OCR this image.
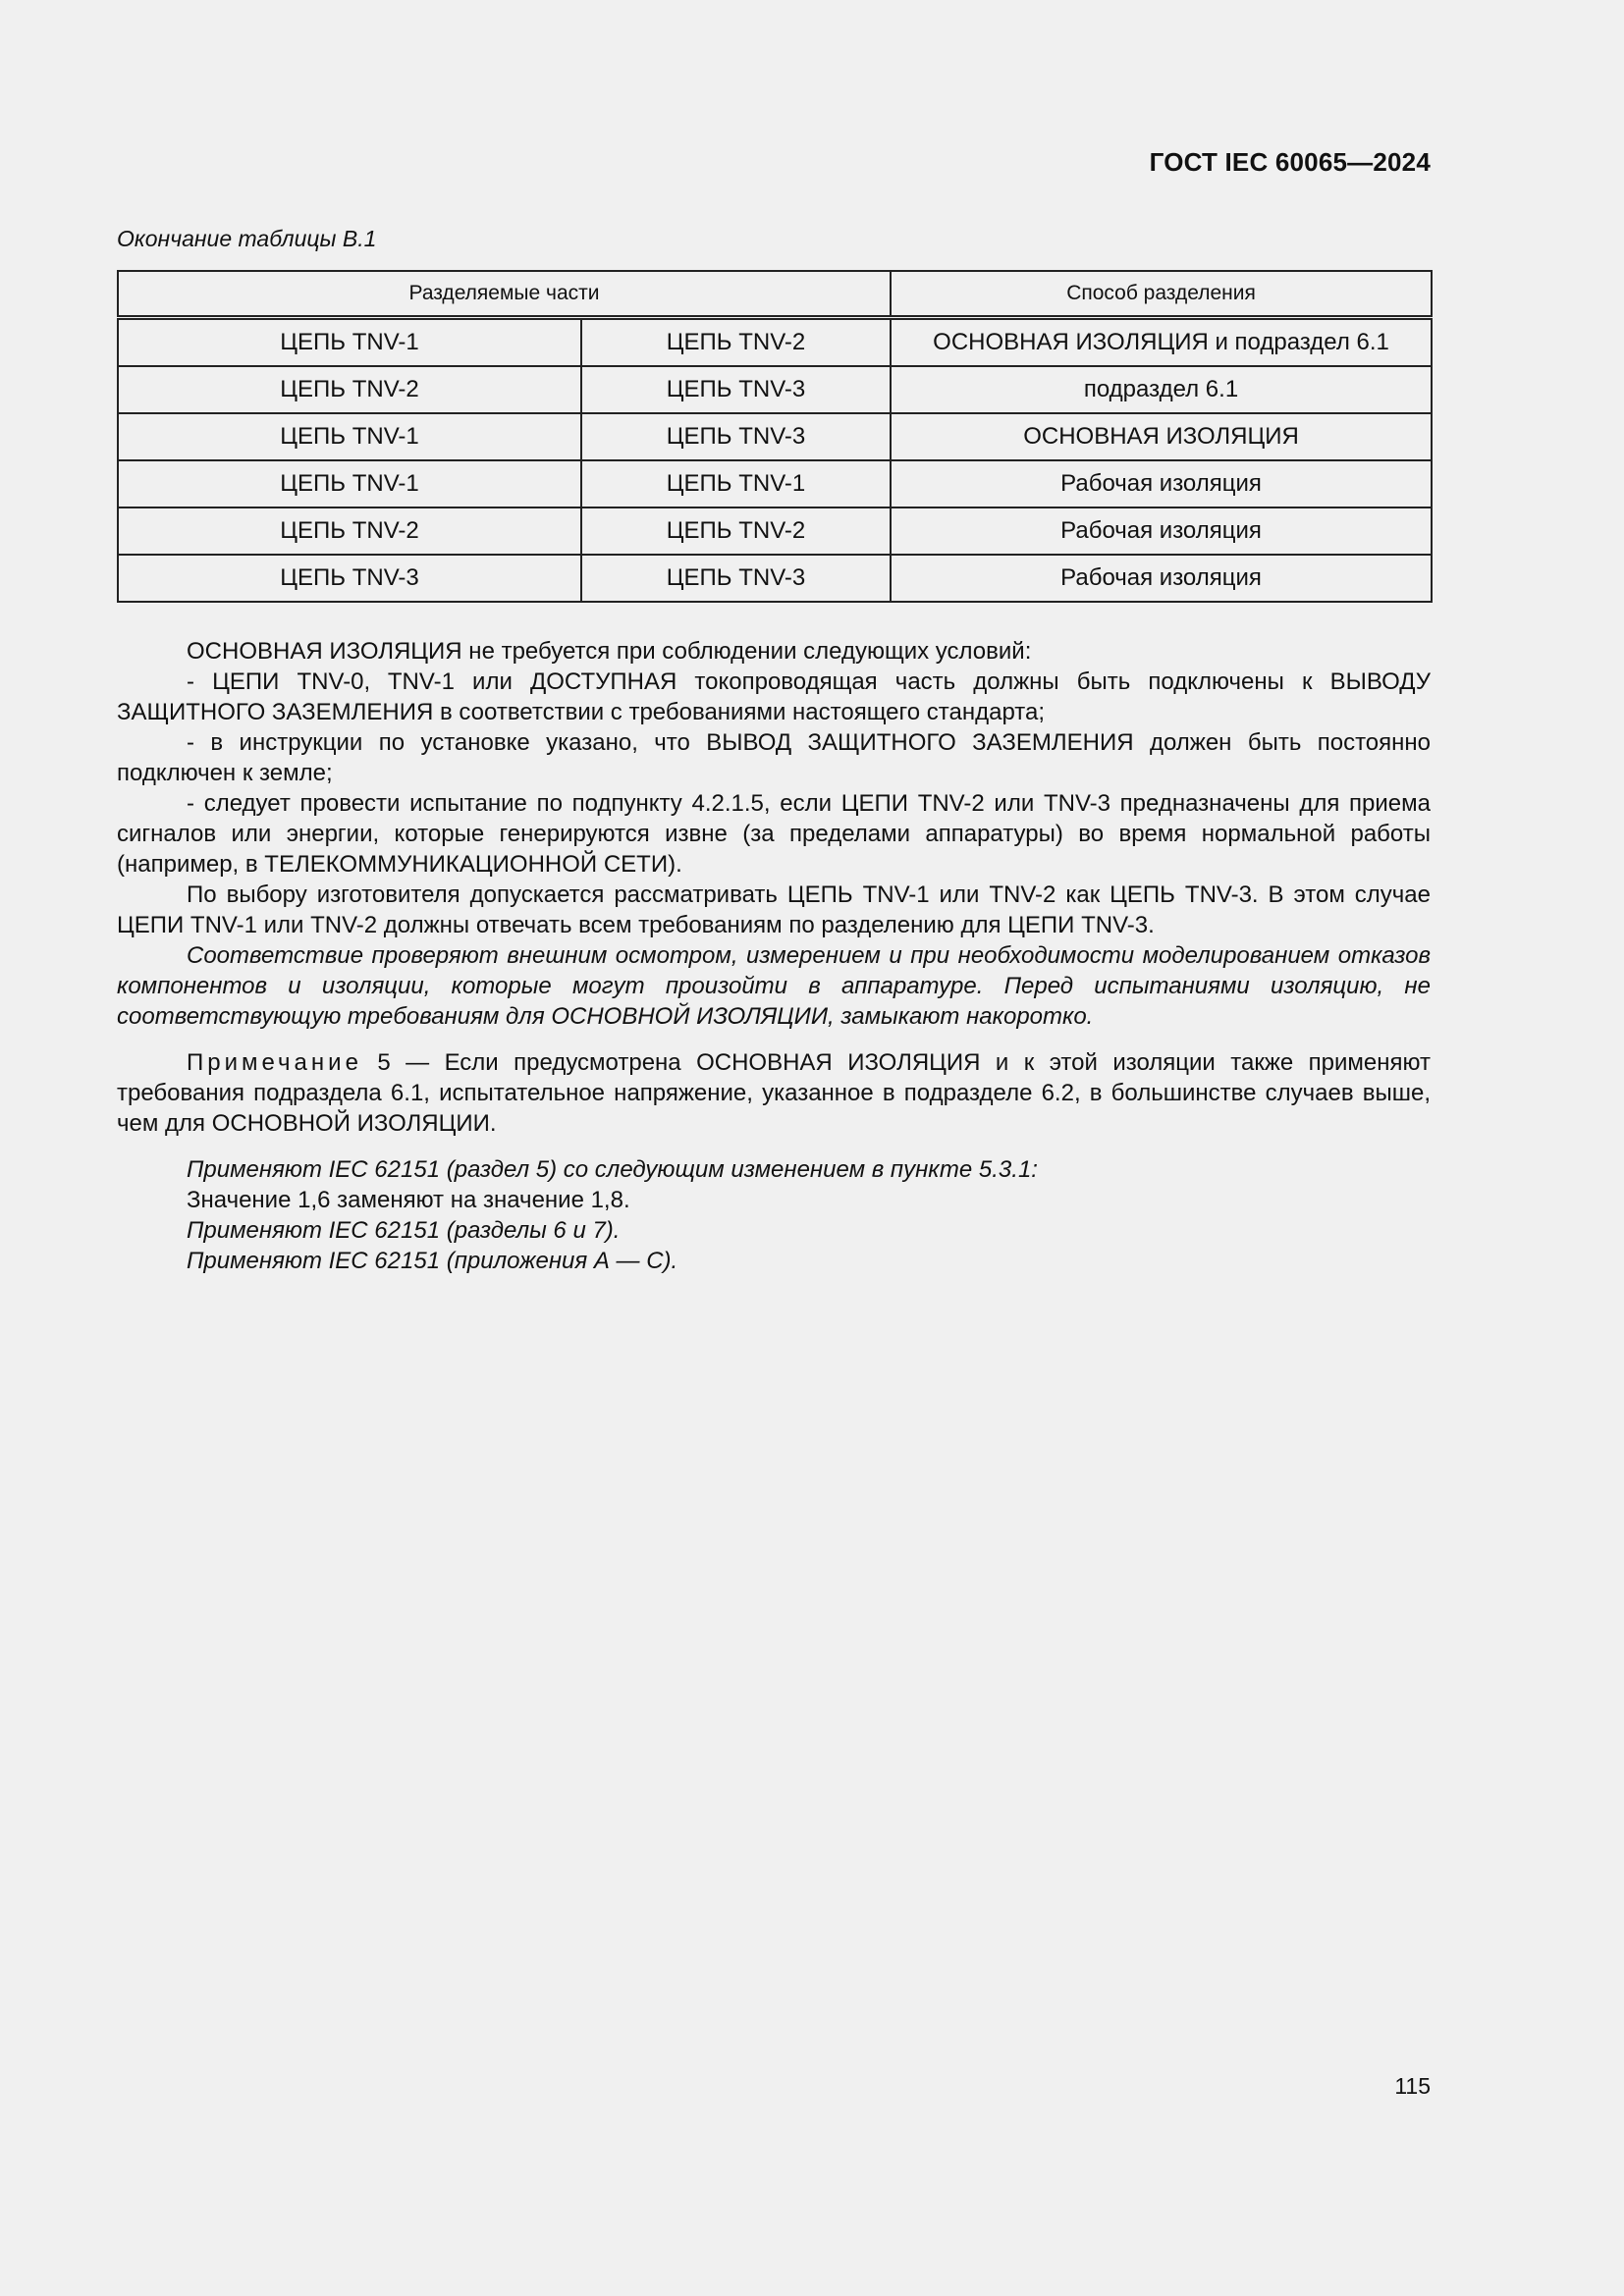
ГОСТ IEC 60065—2024
Окончание таблицы В.1
Разделяемые части		Способ разделения
ЦЕПЬ TNV-1	ЦЕПЬ TNV-2	ОСНОВНАЯ ИЗОЛЯЦИЯ и подраздел 6.1
ЦЕПЬ TNV-2	ЦЕПЬ TNV-3	подраздел 6.1
ЦЕПЬ TNV-1	ЦЕПЬ TNV-3	ОСНОВНАЯ ИЗОЛЯЦИЯ
ЦЕПЬ TNV-1	ЦЕПЬ TNV-1	Рабочая изоляция
ЦЕПЬ TNV-2	ЦЕПЬ TNV-2	Рабочая изоляция
ЦЕПЬ TNV-3	ЦЕПЬ TNV-3	Рабочая изоляция

ОСНОВНАЯ ИЗОЛЯЦИЯ не требуется при соблюдении следующих условий:

- ЦЕПИ TNV-0, TNV-1 или ДОСТУПНАЯ токопроводящая часть должны быть подключены к ВЫВОДУ ЗАЩИТНОГО ЗАЗЕМЛЕНИЯ в соответствии с требованиями настоящего стандарта;

- в инструкции по установке указано, что ВЫВОД ЗАЩИТНОГО ЗАЗЕМЛЕНИЯ должен быть постоянно подключен к земле;

- следует провести испытание по подпункту 4.2.1.5, если ЦЕПИ TNV-2 или TNV-3 предназначены для приема сигналов или энергии, которые генерируются извне (за пределами аппаратуры) во время нормальной работы (например, в ТЕЛЕКОММУНИКАЦИОННОЙ СЕТИ).

По выбору изготовителя допускается рассматривать ЦЕПЬ TNV-1 или TNV-2 как ЦЕПЬ TNV-3. В этом случае ЦЕПИ TNV-1 или TNV-2 должны отвечать всем требованиям по разделению для ЦЕПИ TNV-3.

Соответствие проверяют внешним осмотром, измерением и при необходимости моделированием отказов компонентов и изоляции, которые могут произойти в аппаратуре. Перед испытаниями изоляцию, не соответствующую требованиям для ОСНОВНОЙ ИЗОЛЯЦИИ, замыкают накоротко.

Примечание 5 — Если предусмотрена ОСНОВНАЯ ИЗОЛЯЦИЯ и к этой изоляции также применяют требования подраздела 6.1, испытательное напряжение, указанное в подразделе 6.2, в большинстве случаев выше, чем для ОСНОВНОЙ ИЗОЛЯЦИИ.

Применяют IEC 62151 (раздел 5) со следующим изменением в пункте 5.3.1:

Значение 1,6 заменяют на значение 1,8.

Применяют IEC 62151 (разделы 6 и 7).

Применяют IEC 62151 (приложения А — С).

115
